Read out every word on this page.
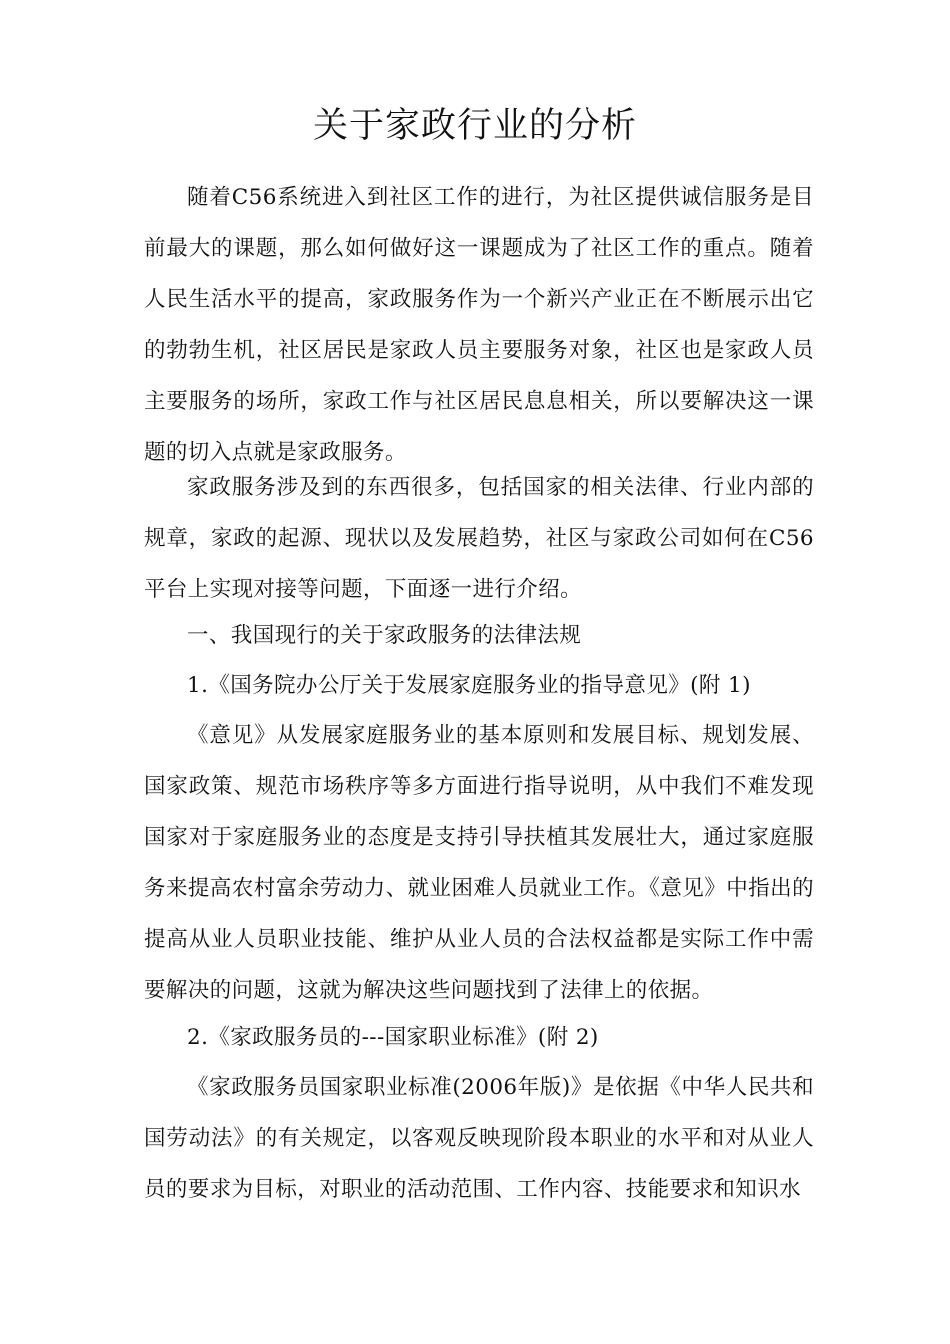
关于家政行业的分析

随着C56系统进入到社区工作的进行，为社区提供诚信服务是目前最大的课题，那么如何做好这一课题成为了社区工作的重点。随着人民生活水平的提高，家政服务作为一个新兴产业正在不断展示出它的勃勃生机，社区居民是家政人员主要服务对象，社区也是家政人员主要服务的场所，家政工作与社区居民息息相关，所以要解决这一课题的切入点就是家政服务。

家政服务涉及到的东西很多，包括国家的相关法律、行业内部的规章，家政的起源、现状以及发展趋势，社区与家政公司如何在C56平台上实现对接等问题，下面逐一进行介绍。

一、我国现行的关于家政服务的法律法规

1.《国务院办公厅关于发展家庭服务业的指导意见》(附 1)

《意见》从发展家庭服务业的基本原则和发展目标、规划发展、国家政策、规范市场秩序等多方面进行指导说明，从中我们不难发现国家对于家庭服务业的态度是支持引导扶植其发展壮大，通过家庭服务来提高农村富余劳动力、就业困难人员就业工作。《意见》中指出的提高从业人员职业技能、维护从业人员的合法权益都是实际工作中需要解决的问题，这就为解决这些问题找到了法律上的依据。

2.《家政服务员的---国家职业标准》(附 2)

《家政服务员国家职业标准(2006年版)》是依据《中华人民共和国劳动法》的有关规定，以客观反映现阶段本职业的水平和对从业人员的要求为目标，对职业的活动范围、工作内容、技能要求和知识水
